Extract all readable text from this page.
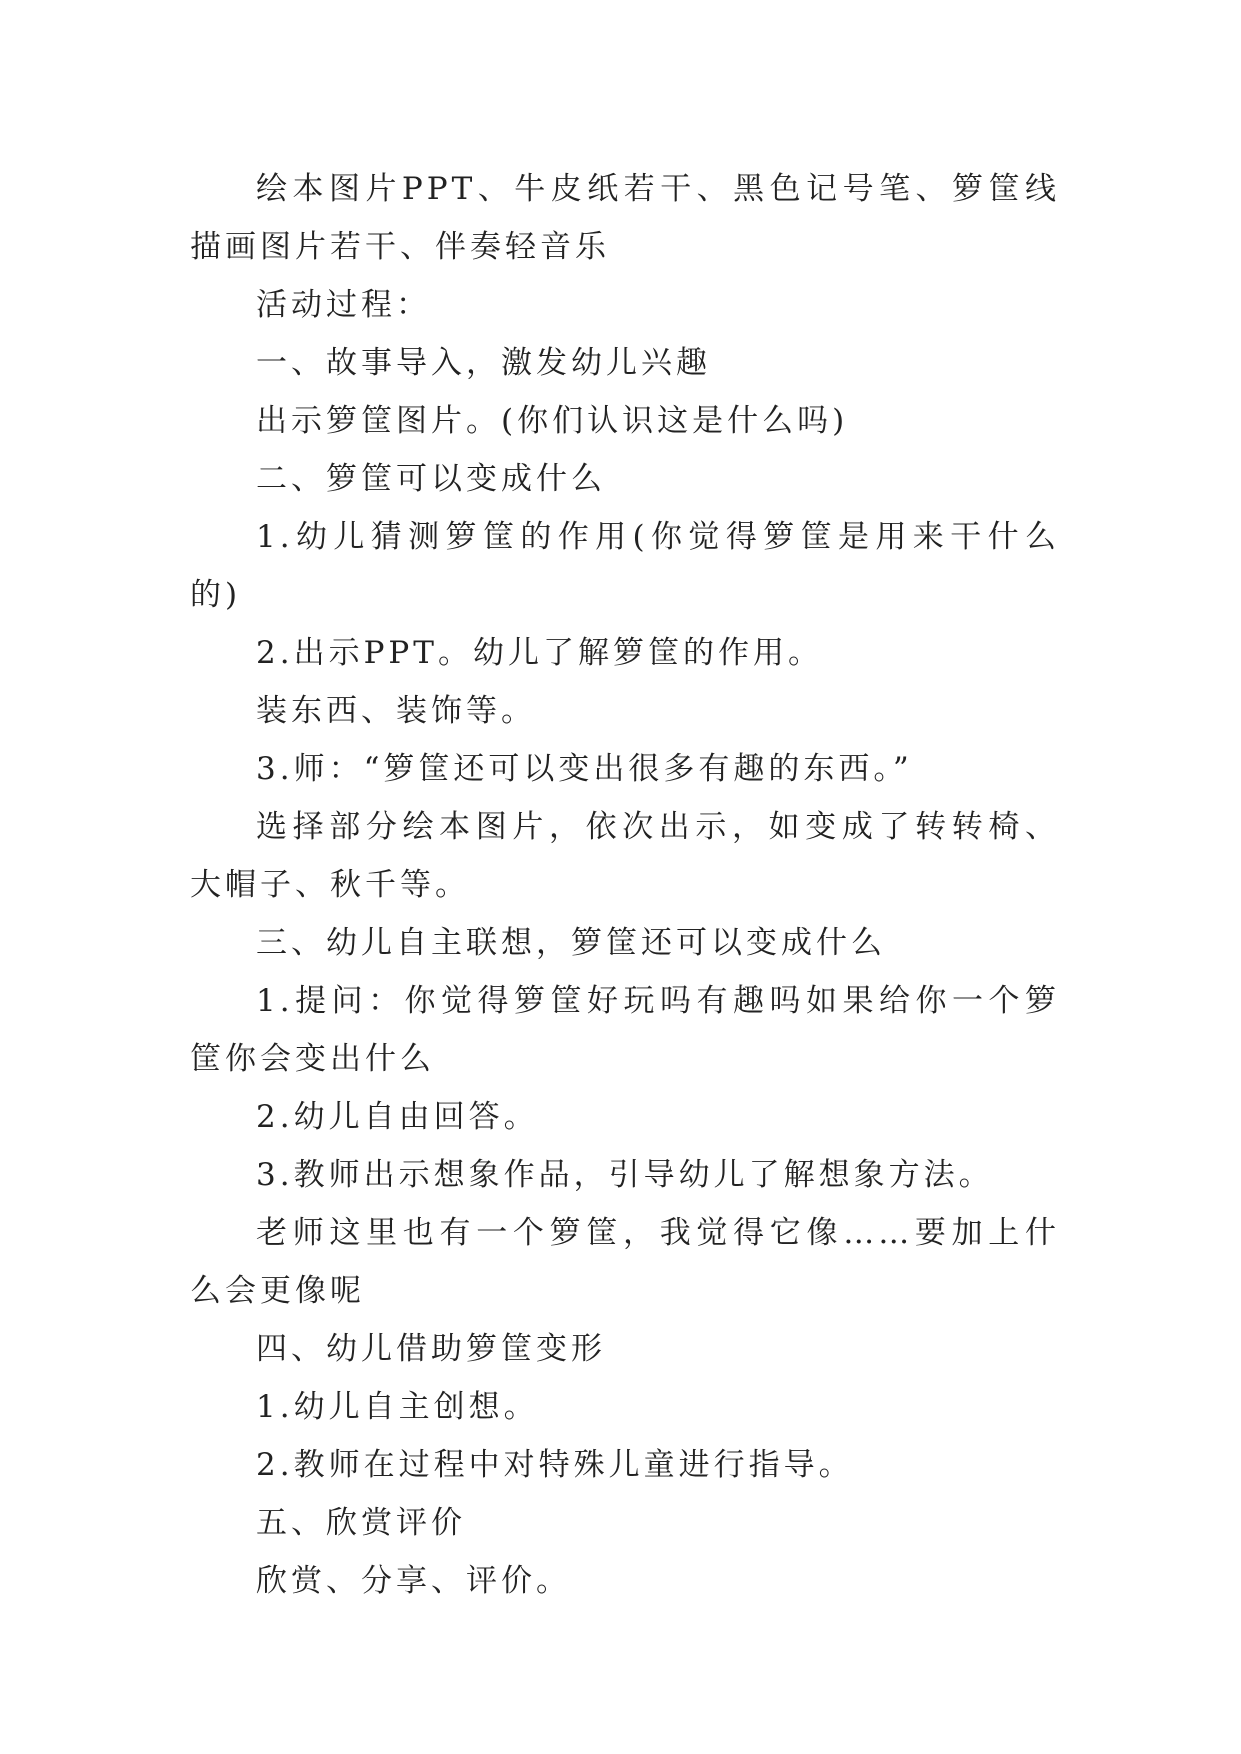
绘本图片PPT、牛皮纸若干、黑色记号笔、箩筐线描画图片若干、伴奏轻音乐

活动过程：

一、故事导入，激发幼儿兴趣

出示箩筐图片。(你们认识这是什么吗)

二、箩筐可以变成什么

1.幼儿猜测箩筐的作用(你觉得箩筐是用来干什么的)

2.出示PPT。幼儿了解箩筐的作用。

装东西、装饰等。

3.师：“箩筐还可以变出很多有趣的东西。”

选择部分绘本图片，依次出示，如变成了转转椅、大帽子、秋千等。

三、幼儿自主联想，箩筐还可以变成什么

1.提问：你觉得箩筐好玩吗有趣吗如果给你一个箩筐你会变出什么

2.幼儿自由回答。

3.教师出示想象作品，引导幼儿了解想象方法。

老师这里也有一个箩筐，我觉得它像……要加上什么会更像呢

四、幼儿借助箩筐变形

1.幼儿自主创想。

2.教师在过程中对特殊儿童进行指导。

五、欣赏评价

欣赏、分享、评价。
